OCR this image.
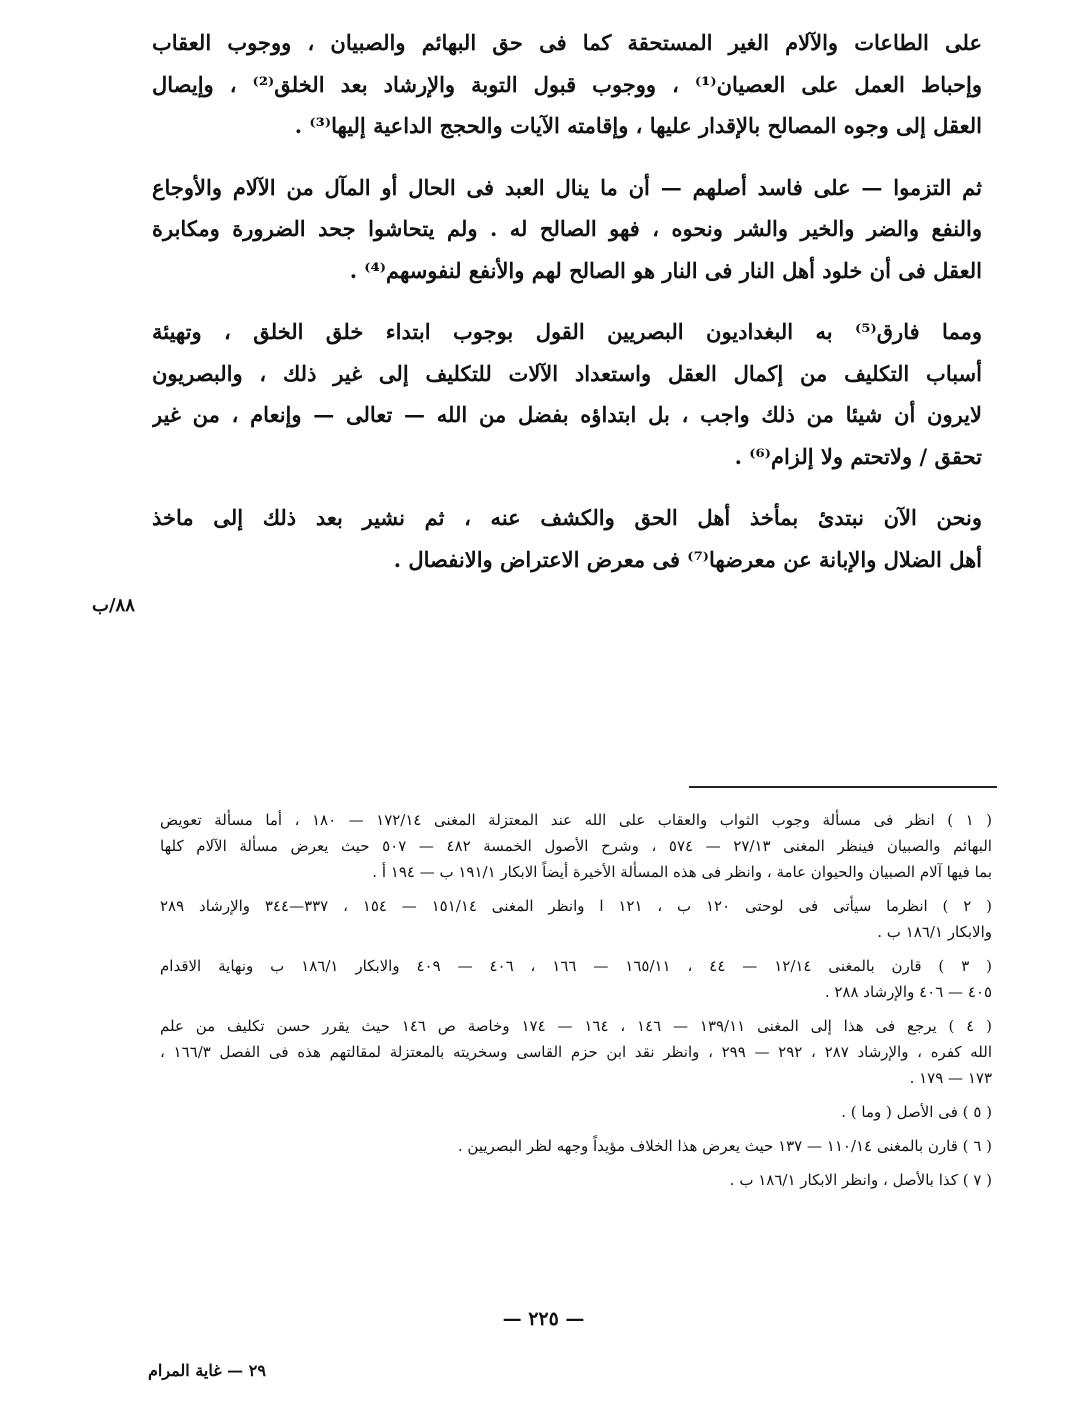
على الطاعات والآلام الغير المستحقة كما فى حق البهائم والصبيان ، ووجوب العقاب
وإحباط العمل على العصيان⁽¹⁾ ، ووجوب قبول التوبة والإرشاد بعد الخلق⁽²⁾ ، وإيصال
العقل إلى وجوه المصالح بالإقدار عليها ، وإقامته الآيات والحجج الداعية إليها⁽³⁾ .
ثم التزموا — على فاسد أصلهم — أن ما ينال العبد فى الحال أو المآل من الآلام والأوجاع
والنفع والضر والخير والشر ونحوه ، فهو الصالح له . ولم يتحاشوا جحد الضرورة ومكابرة
العقل فى أن خلود أهل النار فى النار هو الصالح لهم والأنفع لنفوسهم⁽⁴⁾ .
ومما فارق⁽⁵⁾ به البغداديون البصريين القول بوجوب ابتداء خلق الخلق ، وتهيئة
أسباب التكليف من إكمال العقل واستعداد الآلات للتكليف إلى غير ذلك ، والبصريون
لايرون أن شيئا من ذلك واجب ، بل ابتداؤه بفضل من الله — تعالى — وإنعام ، من غير
تحقق / ولاتحتم ولا إلزام⁽⁶⁾ .
ونحن الآن نبتدئ بمأخذ أهل الحق والكشف عنه ، ثم نشير بعد ذلك إلى ماخذ
أهل الضلال والإبانة عن معرضها⁽⁷⁾ فى معرض الاعتراض والانفصال .
٨٨/ب
( ١ ) انظر فى مسألة وجوب الثواب والعقاب على الله عند المعتزلة المغنى ١٧٢/١٤ — ١٨٠ ، أما مسألة تعويض
البهائم والصبيان فينظر المغنى ٢٧/١٣ — ٥٧٤ ، وشرح الأصول الخمسة ٤٨٢ — ٥٠٧ حيث يعرض مسألة الآلام كلها
بما فيها آلام الصبيان والحيوان عامة ، وانظر فى هذه المسألة الأخيرة أيضاً الابكار ١٩١/١ ب — ١٩٤ أ .
( ٢ ) انظرما سيأتى فى لوحتى ١٢٠ ب ، ١٢١ ا وانظر المغنى ١٥١/١٤ — ١٥٤ ، ٣٣٧—٣٤٤ والإرشاد ٢٨٩
والابكار ١٨٦/١ ب .
( ٣ ) قارن بالمغنى ١٢/١٤ — ٤٤ ، ١٦٥/١١ — ١٦٦ ، ٤٠٦ — ٤٠٩ والابكار ١٨٦/١ ب ونهاية الاقدام
٤٠٥ — ٤٠٦ والإرشاد ٢٨٨ .
( ٤ ) يرجع فى هذا إلى المغنى ١٣٩/١١ — ١٤٦ ، ١٦٤ — ١٧٤ وخاصة ص ١٤٦ حيث يقرر حسن تكليف من علم
الله كفره ، والإرشاد ٢٨٧ ، ٢٩٢ — ٢٩٩ ، وانظر نقد ابن حزم القاسى وسخريته بالمعتزلة لمقالتهم هذه فى الفصل ١٦٦/٣ ،
١٧٣ — ١٧٩ .
( ٥ ) فى الأصل ( وما ) .
( ٦ ) قارن بالمغنى ١١٠/١٤ — ١٣٧ حيث يعرض هذا الخلاف مؤيداً وجهه لظر البصريين .
( ٧ ) كذا بالأصل ، وانظر الابكار ١٨٦/١ ب .
— ٢٢٥ —
٢٩ — غاية المرام
